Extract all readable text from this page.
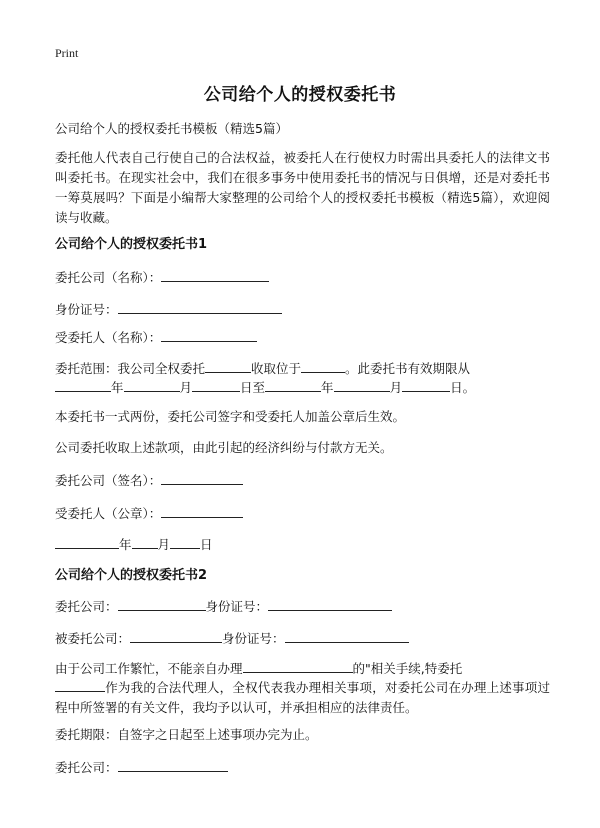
Print
公司给个人的授权委托书
公司给个人的授权委托书模板（精选5篇）
委托他人代表自己行使自己的合法权益，被委托人在行使权力时需出具委托人的法律文书叫委托书。在现实社会中，我们在很多事务中使用委托书的情况与日俱增，还是对委托书一筹莫展吗？下面是小编帮大家整理的公司给个人的授权委托书模板（精选5篇），欢迎阅读与收藏。
公司给个人的授权委托书1
委托公司（名称）：
身份证号：
受委托人（名称）：
委托范围：我公司全权委托	收取位于	。此委托书有效期限从
年	月	日至	年	月	日。
本委托书一式两份，委托公司签字和受委托人加盖公章后生效。
公司委托收取上述款项，由此引起的经济纠纷与付款方无关。
委托公司（签名）：
受委托人（公章）：
年 月 日
公司给个人的授权委托书2
委托公司：	身份证号：
被委托公司：	身份证号：
由于公司工作繁忙，不能亲自办理	的"相关手续,特委托
作为我的合法代理人，全权代表我办理相关事项，对委托公司在办理上述事项过程中所签署的有关文件，我均予以认可，并承担相应的法律责任。
委托期限：自签字之日起至上述事项办完为止。
委托公司：
